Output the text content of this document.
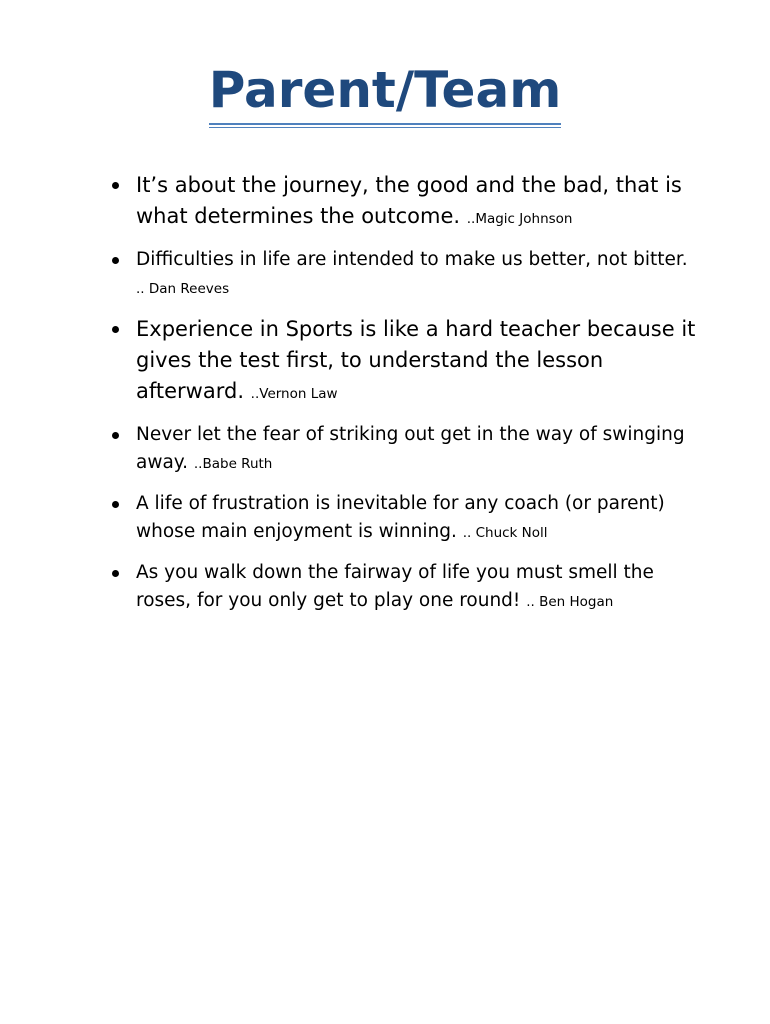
Parent/Team
It’s about the journey, the good and the bad, that is what determines the outcome. ..Magic Johnson
Difficulties in life are intended to make us better, not bitter. .. Dan Reeves
Experience in Sports is like a hard teacher because it gives the test first, to understand the lesson afterward. ..Vernon Law
Never let the fear of striking out get in the way of swinging away. ..Babe Ruth
A life of frustration is inevitable for any coach (or parent) whose main enjoyment is winning. .. Chuck Noll
As you walk down the fairway of life you must smell the roses, for you only get to play one round! .. Ben Hogan
